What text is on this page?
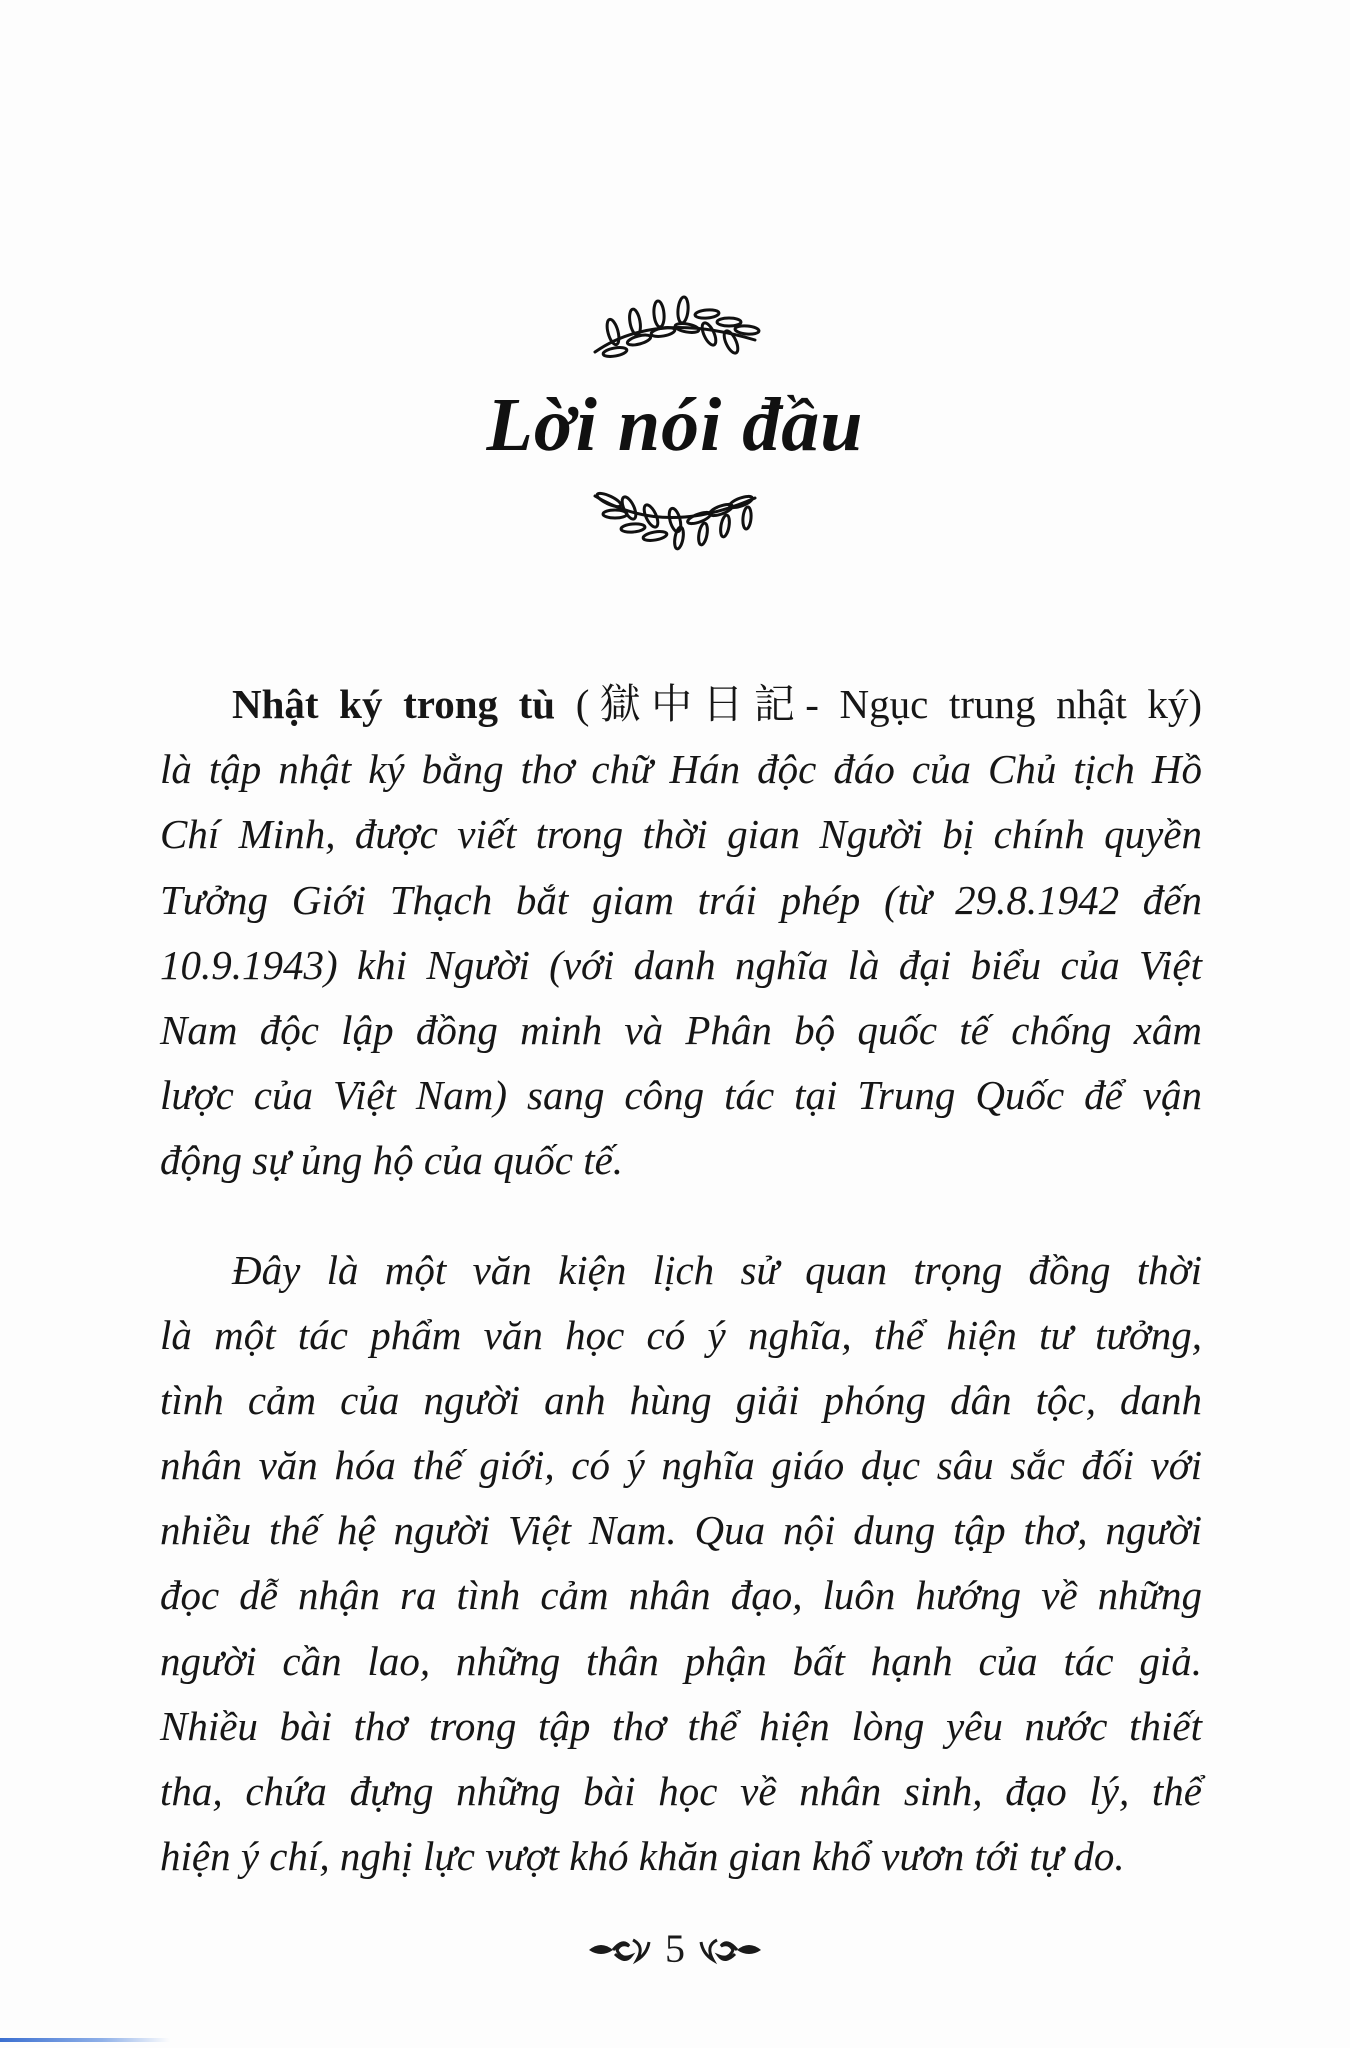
Lời nói đầu
Nhật ký trong tù (獄中日記- Ngục trung nhật ký)
là tập nhật ký bằng thơ chữ Hán độc đáo của Chủ tịch Hồ
Chí Minh, được viết trong thời gian Người bị chính quyền
Tưởng Giới Thạch bắt giam trái phép (từ 29.8.1942 đến
10.9.1943) khi Người (với danh nghĩa là đại biểu của Việt
Nam độc lập đồng minh và Phân bộ quốc tế chống xâm
lược của Việt Nam) sang công tác tại Trung Quốc để vận
động sự ủng hộ của quốc tế.
Đây là một văn kiện lịch sử quan trọng đồng thời
là một tác phẩm văn học có ý nghĩa, thể hiện tư tưởng,
tình cảm của người anh hùng giải phóng dân tộc, danh
nhân văn hóa thế giới, có ý nghĩa giáo dục sâu sắc đối với
nhiều thế hệ người Việt Nam. Qua nội dung tập thơ, người
đọc dễ nhận ra tình cảm nhân đạo, luôn hướng về những
người cần lao, những thân phận bất hạnh của tác giả.
Nhiều bài thơ trong tập thơ thể hiện lòng yêu nước thiết
tha, chứa đựng những bài học về nhân sinh, đạo lý, thể
hiện ý chí, nghị lực vượt khó khăn gian khổ vươn tới tự do.
5
